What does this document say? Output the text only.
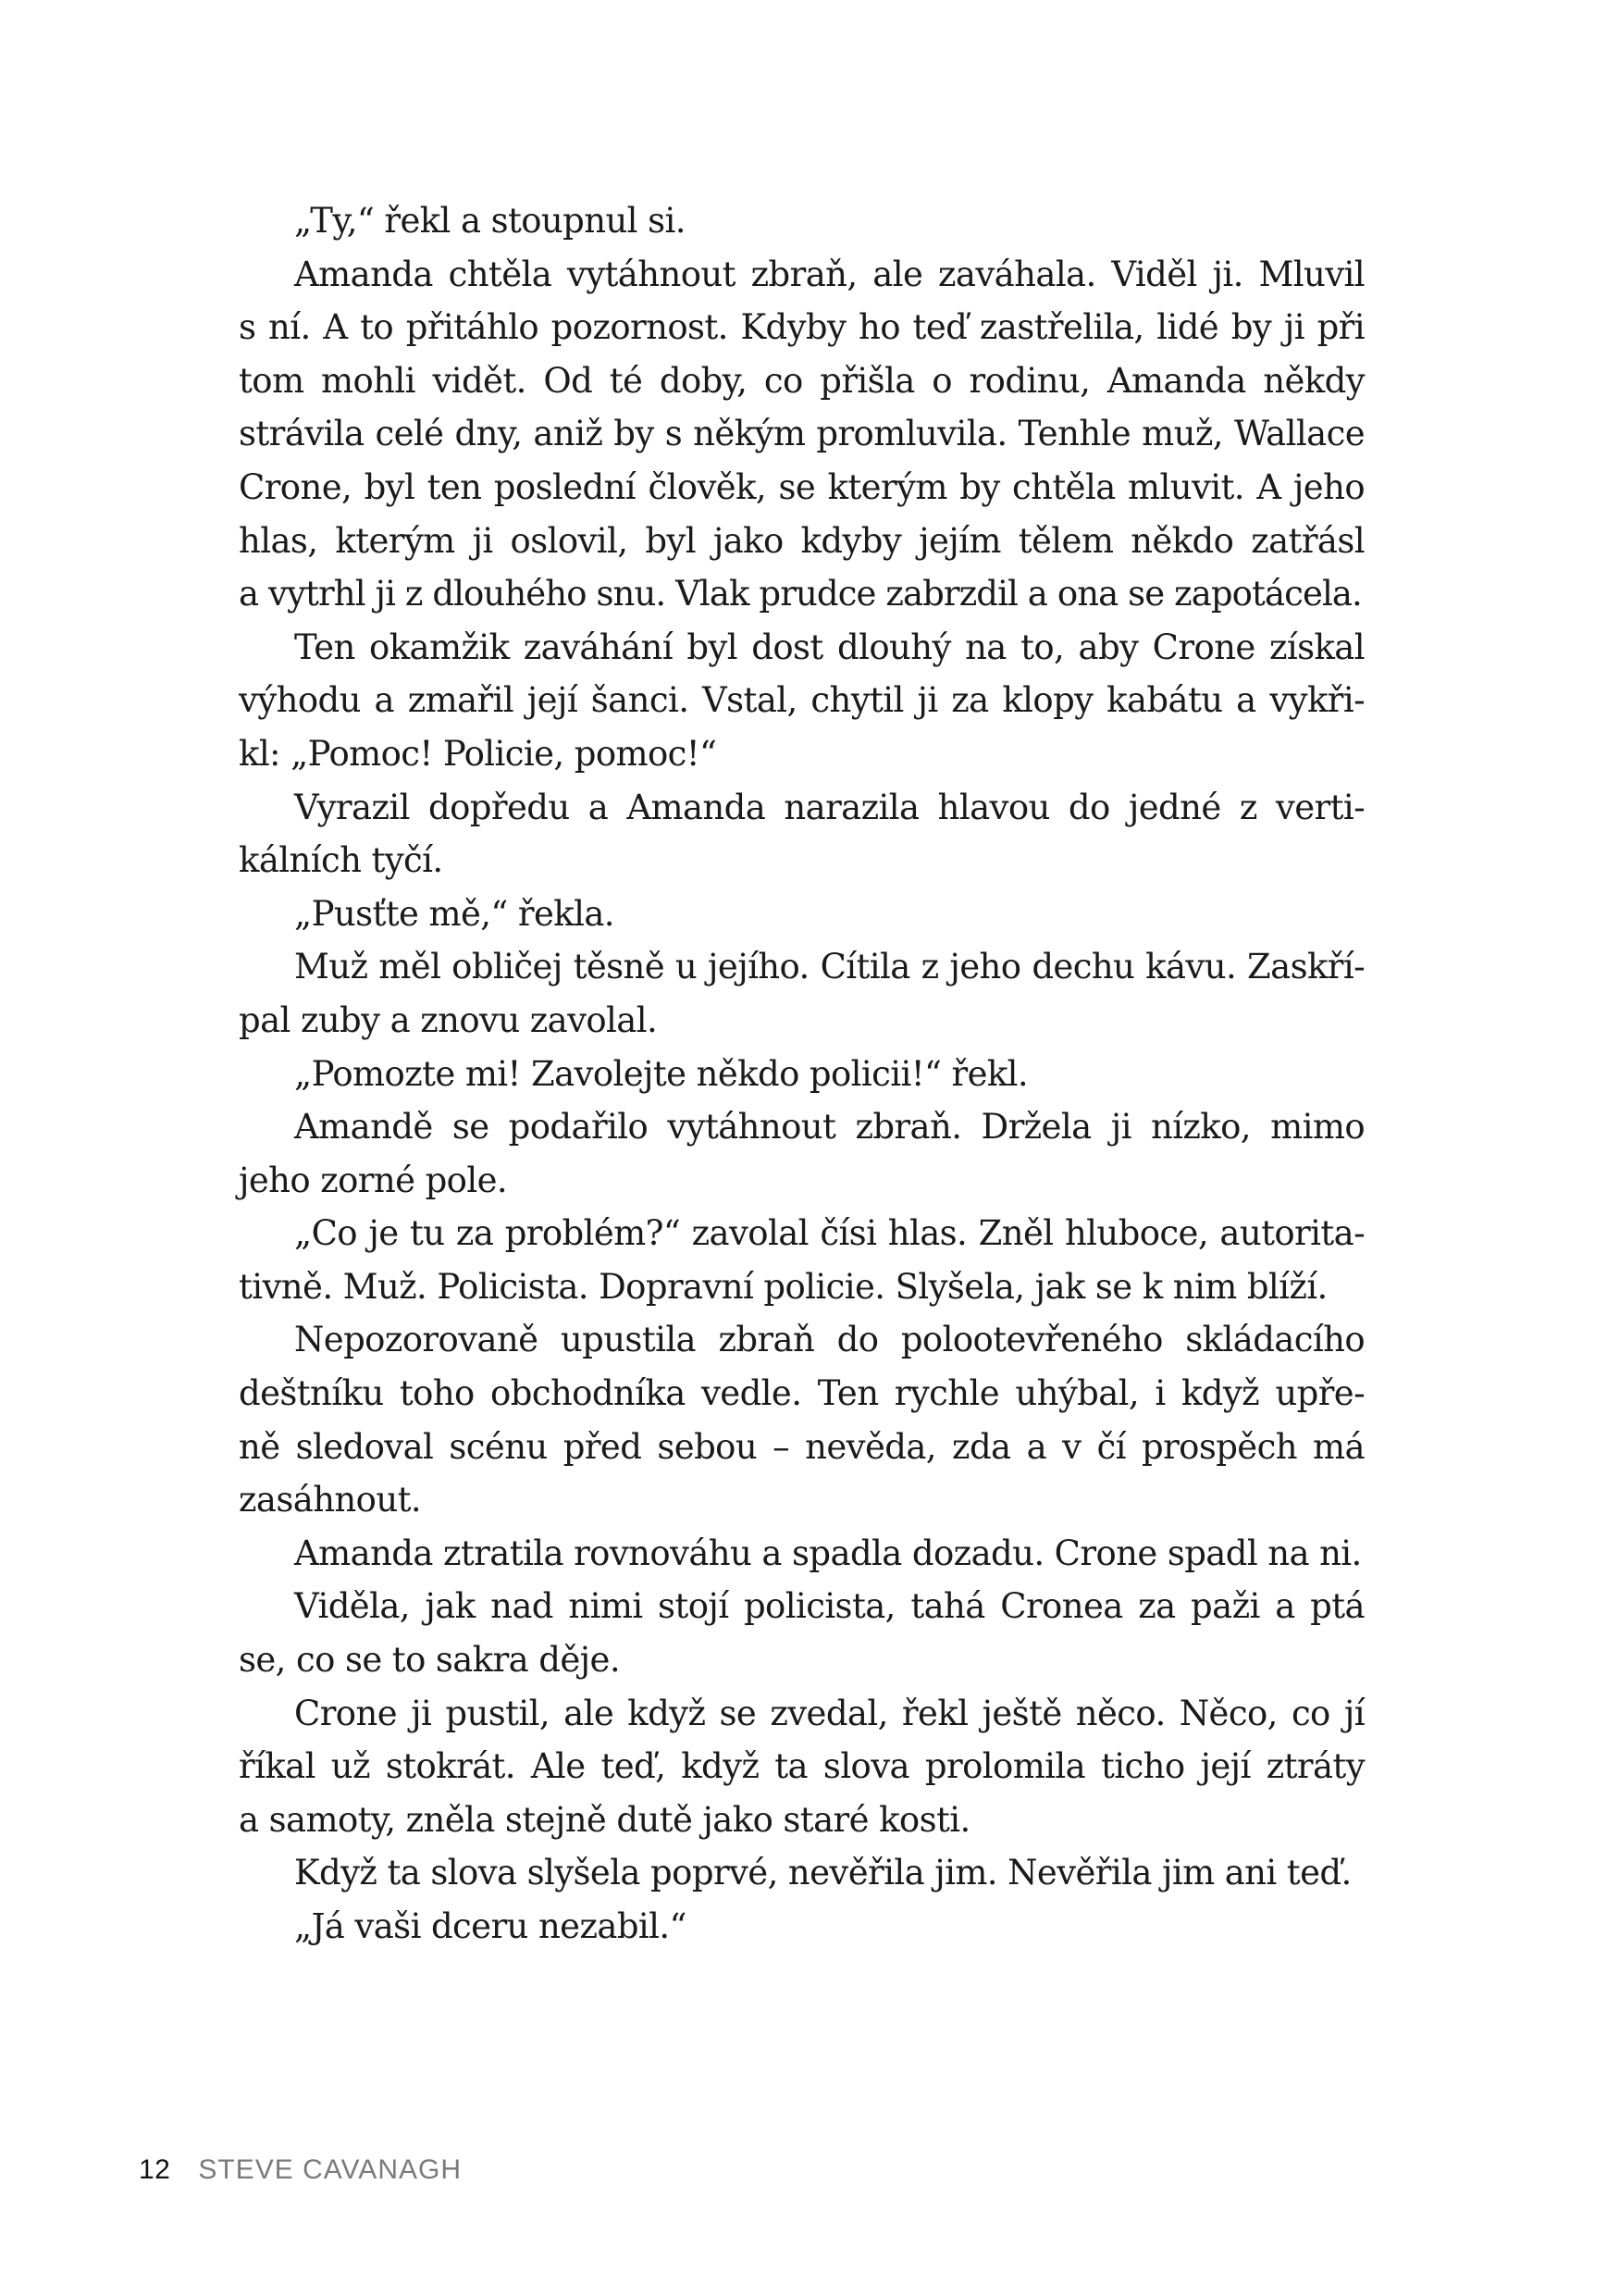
„Ty,“ řekl a stoupnul si.
Amanda chtěla vytáhnout zbraň, ale zaváhala. Viděl ji. Mluvil
s ní. A to přitáhlo pozornost. Kdyby ho teď zastřelila, lidé by ji při
tom mohli vidět. Od té doby, co přišla o rodinu, Amanda někdy
strávila celé dny, aniž by s někým promluvila. Tenhle muž, Wallace
Crone, byl ten poslední člověk, se kterým by chtěla mluvit. A jeho
hlas, kterým ji oslovil, byl jako kdyby jejím tělem někdo zatřásl
a vytrhl ji z dlouhého snu. Vlak prudce zabrzdil a ona se zapotácela.
Ten okamžik zaváhání byl dost dlouhý na to, aby Crone získal
výhodu a zmařil její šanci. Vstal, chytil ji za klopy kabátu a vykři-
kl: „Pomoc! Policie, pomoc!“
Vyrazil dopředu a Amanda narazila hlavou do jedné z verti-
kálních tyčí.
„Pusťte mě,“ řekla.
Muž měl obličej těsně u jejího. Cítila z jeho dechu kávu. Zaskří-
pal zuby a znovu zavolal.
„Pomozte mi! Zavolejte někdo policii!“ řekl.
Amandě se podařilo vytáhnout zbraň. Držela ji nízko, mimo
jeho zorné pole.
„Co je tu za problém?“ zavolal čísi hlas. Zněl hluboce, autorita-
tivně. Muž. Policista. Dopravní policie. Slyšela, jak se k nim blíží.
Nepozorovaně upustila zbraň do polootevřeného skládacího
deštníku toho obchodníka vedle. Ten rychle uhýbal, i když upře-
ně sledoval scénu před sebou – nevěda, zda a v čí prospěch má
zasáhnout.
Amanda ztratila rovnováhu a spadla dozadu. Crone spadl na ni.
Viděla, jak nad nimi stojí policista, tahá Cronea za paži a ptá
se, co se to sakra děje.
Crone ji pustil, ale když se zvedal, řekl ještě něco. Něco, co jí
říkal už stokrát. Ale teď, když ta slova prolomila ticho její ztráty
a samoty, zněla stejně dutě jako staré kosti.
Když ta slova slyšela poprvé, nevěřila jim. Nevěřila jim ani teď.
„Já vaši dceru nezabil.“
12 STEVE CAVANAGH
